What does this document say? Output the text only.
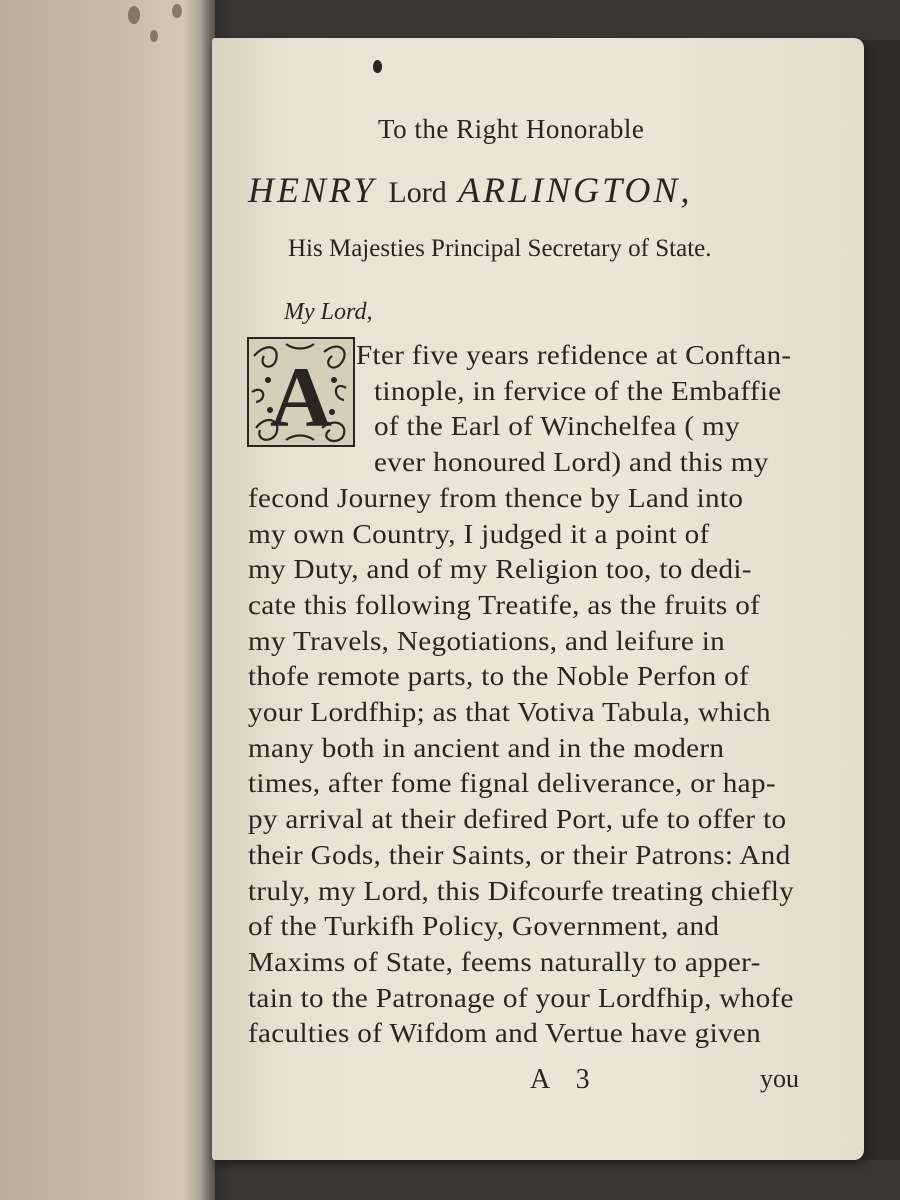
To the Right Honorable

HENRY Lord ARLINGTON,

His Majesties Principal Secretary of State.

My Lord,

A Fter five years refidence at Conftan-

tinople, in fervice of the Embaffie

of the Earl of Winchelfea ( my

ever honoured Lord) and this my

fecond Journey from thence by Land into

my own Country, I judged it a point of

my Duty, and of my Religion too, to dedi-

cate this following Treatife, as the fruits of

my Travels, Negotiations, and leifure in

thofe remote parts, to the Noble Perfon of

your Lordfhip; as that Votiva Tabula, which

many both in ancient and in the modern

times, after fome fignal deliverance, or hap-

py arrival at their defired Port, ufe to offer to

their Gods, their Saints, or their Patrons: And

truly, my Lord, this Difcourfe treating chiefly

of the Turkifh Policy, Government, and

Maxims of State, feems naturally to apper-

tain to the Patronage of your Lordfhip, whofe

faculties of Wifdom and Vertue have given

A 3	you
